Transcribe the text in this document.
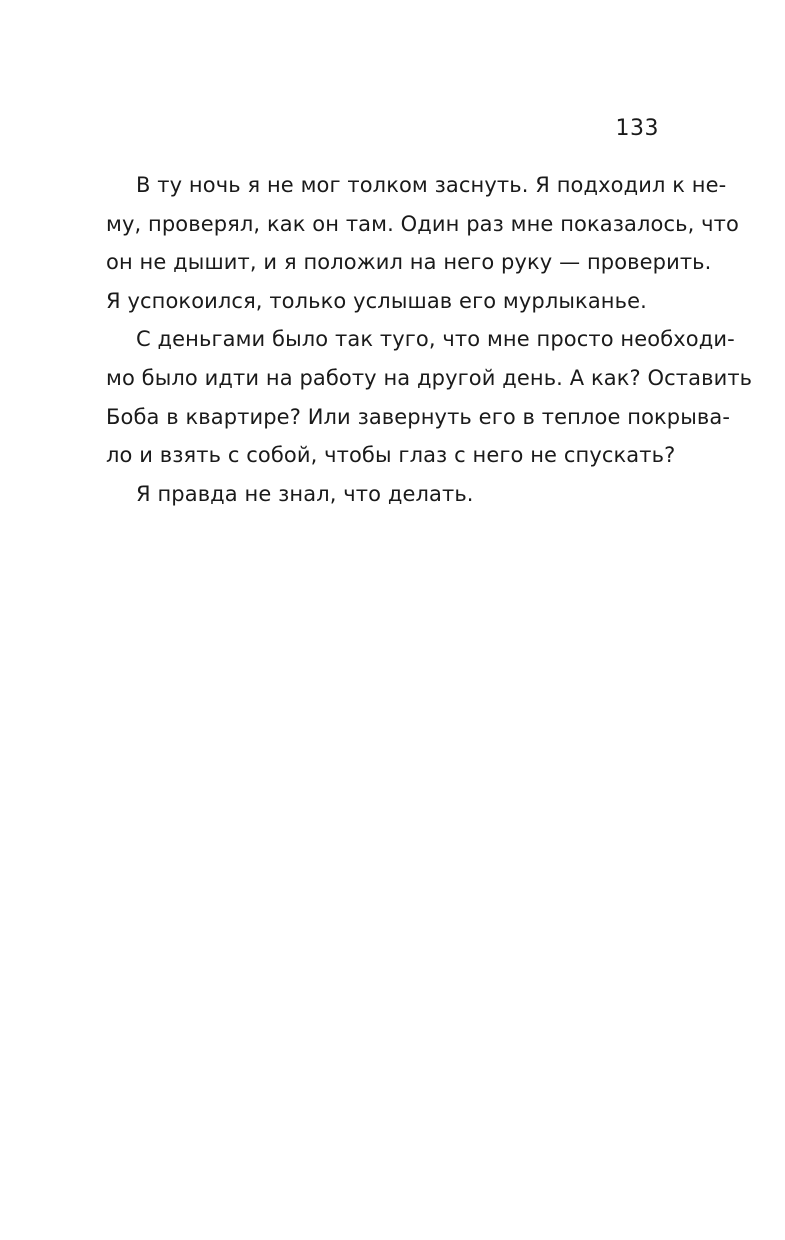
133
В ту ночь я не мог толком заснуть. Я подходил к не-
му, проверял, как он там. Один раз мне показалось, что
он не дышит, и я положил на него руку — проверить.
Я успокоился, только услышав его мурлыканье.
С деньгами было так туго, что мне просто необходи-
мо было идти на работу на другой день. А как? Оставить
Боба в квартире? Или завернуть его в теплое покрыва-
ло и взять с собой, чтобы глаз с него не спускать?
Я правда не знал, что делать.
